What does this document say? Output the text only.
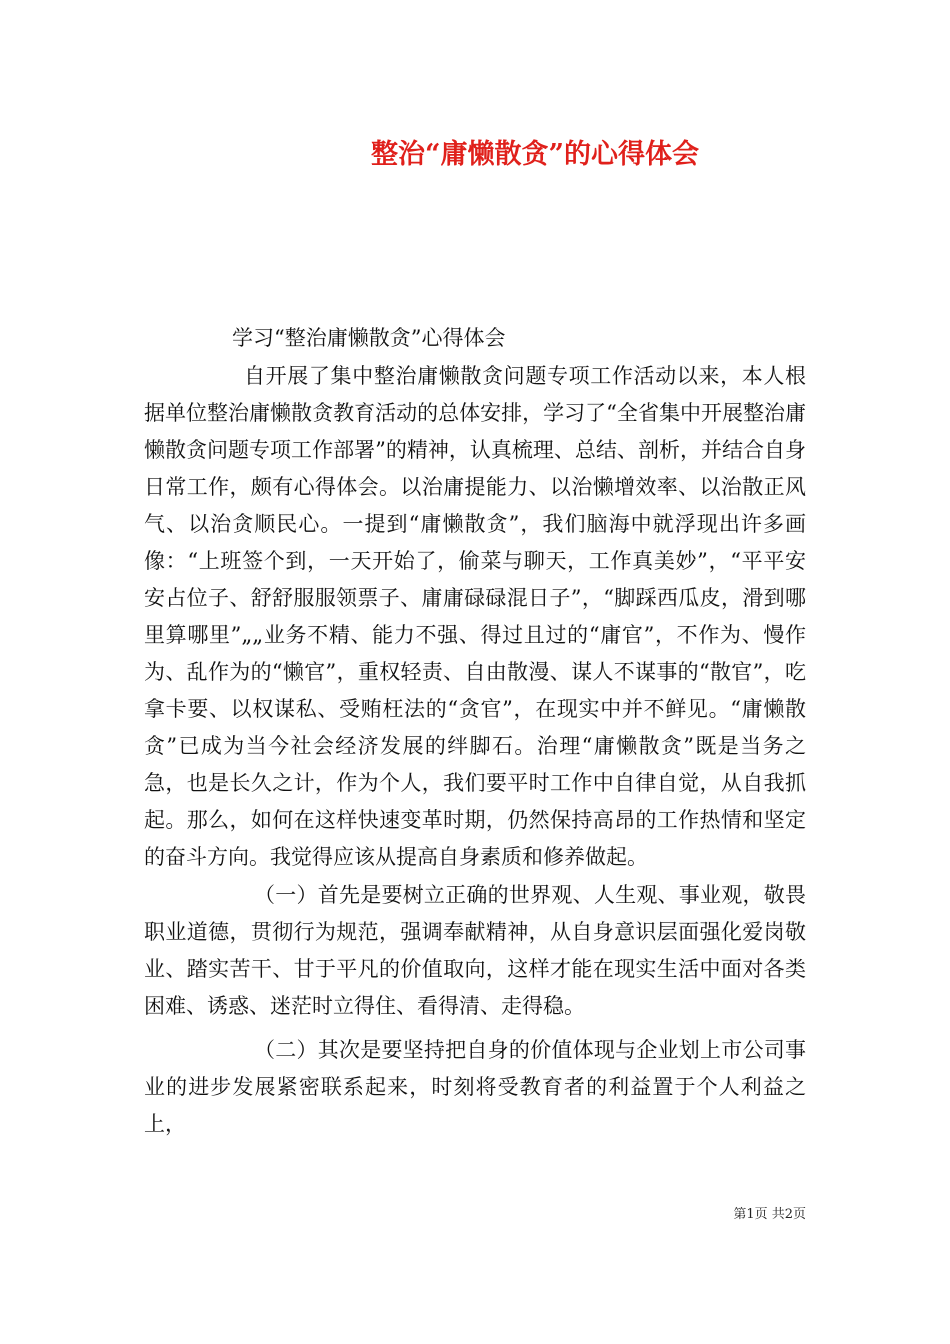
整治“庸懒散贪”的心得体会
学习“整治庸懒散贪”心得体会

自开展了集中整治庸懒散贪问题专项工作活动以来，本人根据单位整治庸懒散贪教育活动的总体安排，学习了“全省集中开展整治庸懒散贪问题专项工作部署”的精神，认真梳理、总结、剖析，并结合自身日常工作，颇有心得体会。以治庸提能力、以治懒增效率、以治散正风气、以治贪顺民心。一提到“庸懒散贪”，我们脑海中就浮现出许多画像：“上班签个到，一天开始了，偷菜与聊天，工作真美妙”，“平平安安占位子、舒舒服服领票子、庸庸碌碌混日子”，“脚踩西瓜皮，滑到哪里算哪里”„„业务不精、能力不强、得过且过的“庸官”，不作为、慢作为、乱作为的“懒官”，重权轻责、自由散漫、谋人不谋事的“散官”，吃拿卡要、以权谋私、受贿枉法的“贪官”，在现实中并不鲜见。“庸懒散贪”已成为当今社会经济发展的绊脚石。治理“庸懒散贪”既是当务之急，也是长久之计，作为个人，我们要平时工作中自律自觉，从自我抓起。那么，如何在这样快速变革时期，仍然保持高昂的工作热情和坚定的奋斗方向。我觉得应该从提高自身素质和修养做起。

（一）首先是要树立正确的世界观、人生观、事业观，敬畏职业道德，贯彻行为规范，强调奉献精神，从自身意识层面强化爱岗敬业、踏实苦干、甘于平凡的价值取向，这样才能在现实生活中面对各类困难、诱惑、迷茫时立得住、看得清、走得稳。

（二）其次是要坚持把自身的价值体现与企业划上市公司事业的进步发展紧密联系起来，时刻将受教育者的利益置于个人利益之上，

第1页 共2页
